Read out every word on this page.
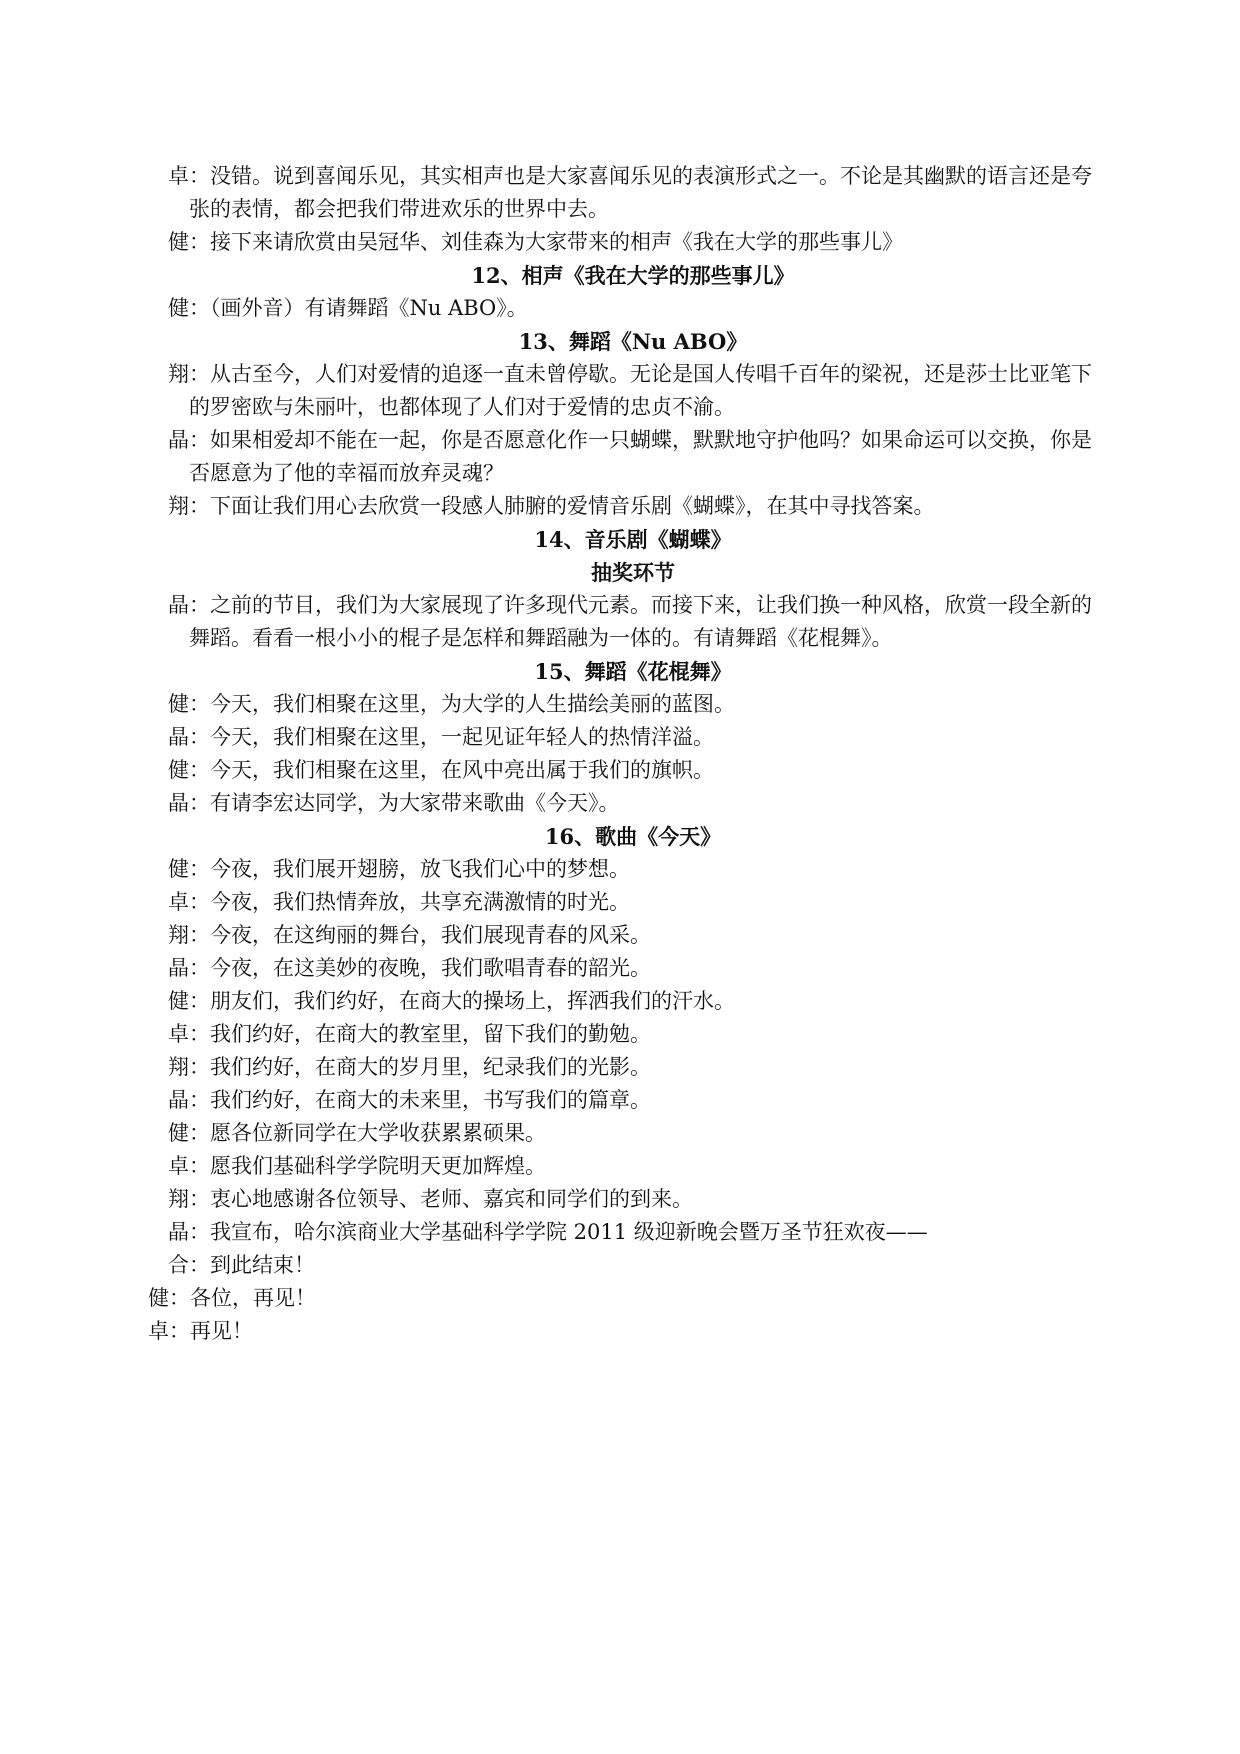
卓：没错。说到喜闻乐见，其实相声也是大家喜闻乐见的表演形式之一。不论是其幽默的语言还是夸张的表情，都会把我们带进欢乐的世界中去。

健：接下来请欣赏由吴冠华、刘佳森为大家带来的相声《我在大学的那些事儿》

12、相声《我在大学的那些事儿》

健：（画外音）有请舞蹈《Nu ABO》。

13、舞蹈《Nu ABO》

翔：从古至今，人们对爱情的追逐一直未曾停歇。无论是国人传唱千百年的梁祝，还是莎士比亚笔下的罗密欧与朱丽叶，也都体现了人们对于爱情的忠贞不渝。

晶：如果相爱却不能在一起，你是否愿意化作一只蝴蝶，默默地守护他吗？如果命运可以交换，你是否愿意为了他的幸福而放弃灵魂？

翔：下面让我们用心去欣赏一段感人肺腑的爱情音乐剧《蝴蝶》，在其中寻找答案。

14、音乐剧《蝴蝶》

抽奖环节

晶：之前的节目，我们为大家展现了许多现代元素。而接下来，让我们换一种风格，欣赏一段全新的舞蹈。看看一根小小的棍子是怎样和舞蹈融为一体的。有请舞蹈《花棍舞》。

15、舞蹈《花棍舞》

健：今天，我们相聚在这里，为大学的人生描绘美丽的蓝图。

晶：今天，我们相聚在这里，一起见证年轻人的热情洋溢。

健：今天，我们相聚在这里，在风中亮出属于我们的旗帜。

晶：有请李宏达同学，为大家带来歌曲《今天》。

16、歌曲《今天》

健：今夜，我们展开翅膀，放飞我们心中的梦想。

卓：今夜，我们热情奔放，共享充满激情的时光。

翔：今夜，在这绚丽的舞台，我们展现青春的风采。

晶：今夜，在这美妙的夜晚，我们歌唱青春的韶光。

健：朋友们，我们约好，在商大的操场上，挥洒我们的汗水。

卓：我们约好，在商大的教室里，留下我们的勤勉。

翔：我们约好，在商大的岁月里，纪录我们的光影。

晶：我们约好，在商大的未来里，书写我们的篇章。

健：愿各位新同学在大学收获累累硕果。

卓：愿我们基础科学学院明天更加辉煌。

翔：衷心地感谢各位领导、老师、嘉宾和同学们的到来。

晶：我宣布，哈尔滨商业大学基础科学学院 2011 级迎新晚会暨万圣节狂欢夜——

合：到此结束！

健：各位，再见！

卓：再见！
